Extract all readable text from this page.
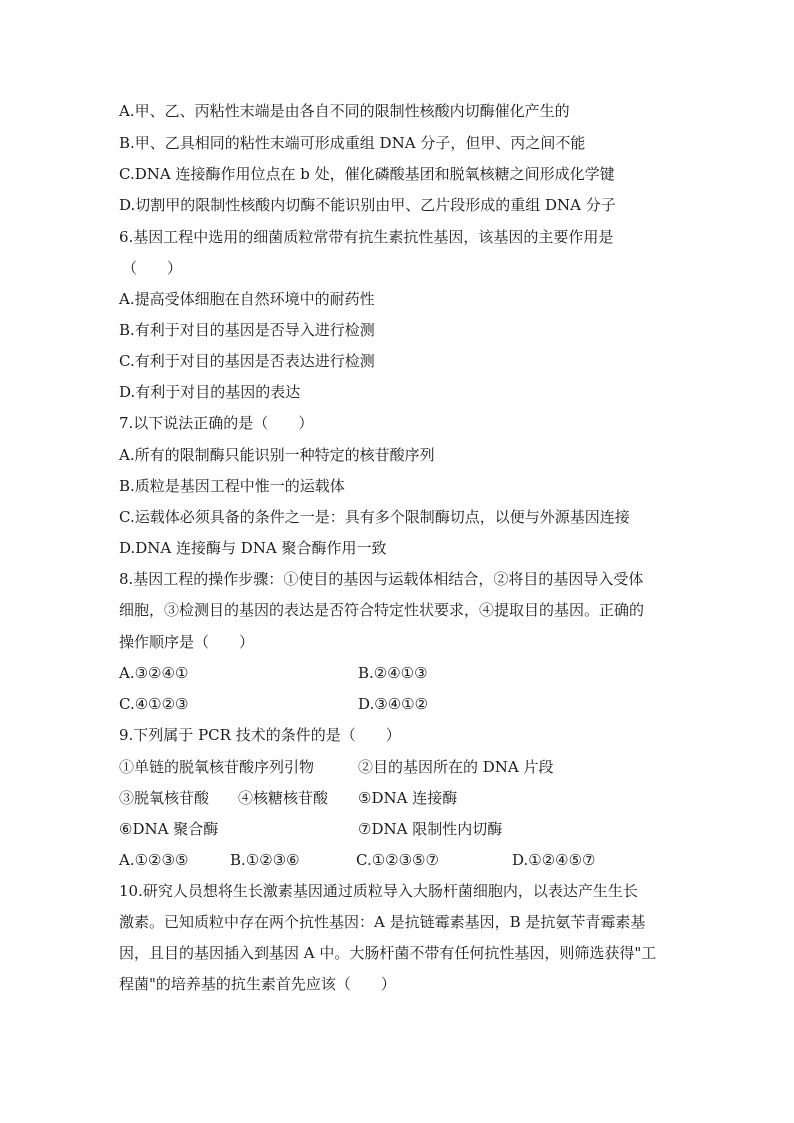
A.甲、乙、丙粘性末端是由各自不同的限制性核酸内切酶催化产生的
B.甲、乙具相同的粘性末端可形成重组 DNA 分子，但甲、丙之间不能
C.DNA 连接酶作用位点在 b 处，催化磷酸基团和脱氧核糖之间形成化学键
D.切割甲的限制性核酸内切酶不能识别由甲、乙片段形成的重组 DNA 分子
6.基因工程中选用的细菌质粒常带有抗生素抗性基因，该基因的主要作用是
（　　）
A.提高受体细胞在自然环境中的耐药性
B.有利于对目的基因是否导入进行检测
C.有利于对目的基因是否表达进行检测
D.有利于对目的基因的表达
7.以下说法正确的是（　　）
A.所有的限制酶只能识别一种特定的核苷酸序列
B.质粒是基因工程中惟一的运载体
C.运载体必须具备的条件之一是：具有多个限制酶切点，以便与外源基因连接
D.DNA 连接酶与 DNA 聚合酶作用一致
8.基因工程的操作步骤：①使目的基因与运载体相结合，②将目的基因导入受体
细胞，③检测目的基因的表达是否符合特定性状要求，④提取目的基因。正确的
操作顺序是（　　）
A.③②④①	B.②④①③
C.④①②③	D.③④①②
9.下列属于 PCR 技术的条件的是（　　）
①单链的脱氧核苷酸序列引物	②目的基因所在的 DNA 片段
③脱氧核苷酸 ④核糖核苷酸 ⑤DNA 连接酶
⑥DNA 聚合酶	⑦DNA 限制性内切酶
A.①②③⑤	B.①②③⑥	C.①②③⑤⑦	D.①②④⑤⑦
10.研究人员想将生长激素基因通过质粒导入大肠杆菌细胞内，以表达产生生长
激素。已知质粒中存在两个抗性基因：A 是抗链霉素基因，B 是抗氨苄青霉素基
因，且目的基因插入到基因 A 中。大肠杆菌不带有任何抗性基因，则筛选获得"工
程菌"的培养基的抗生素首先应该（　　）
